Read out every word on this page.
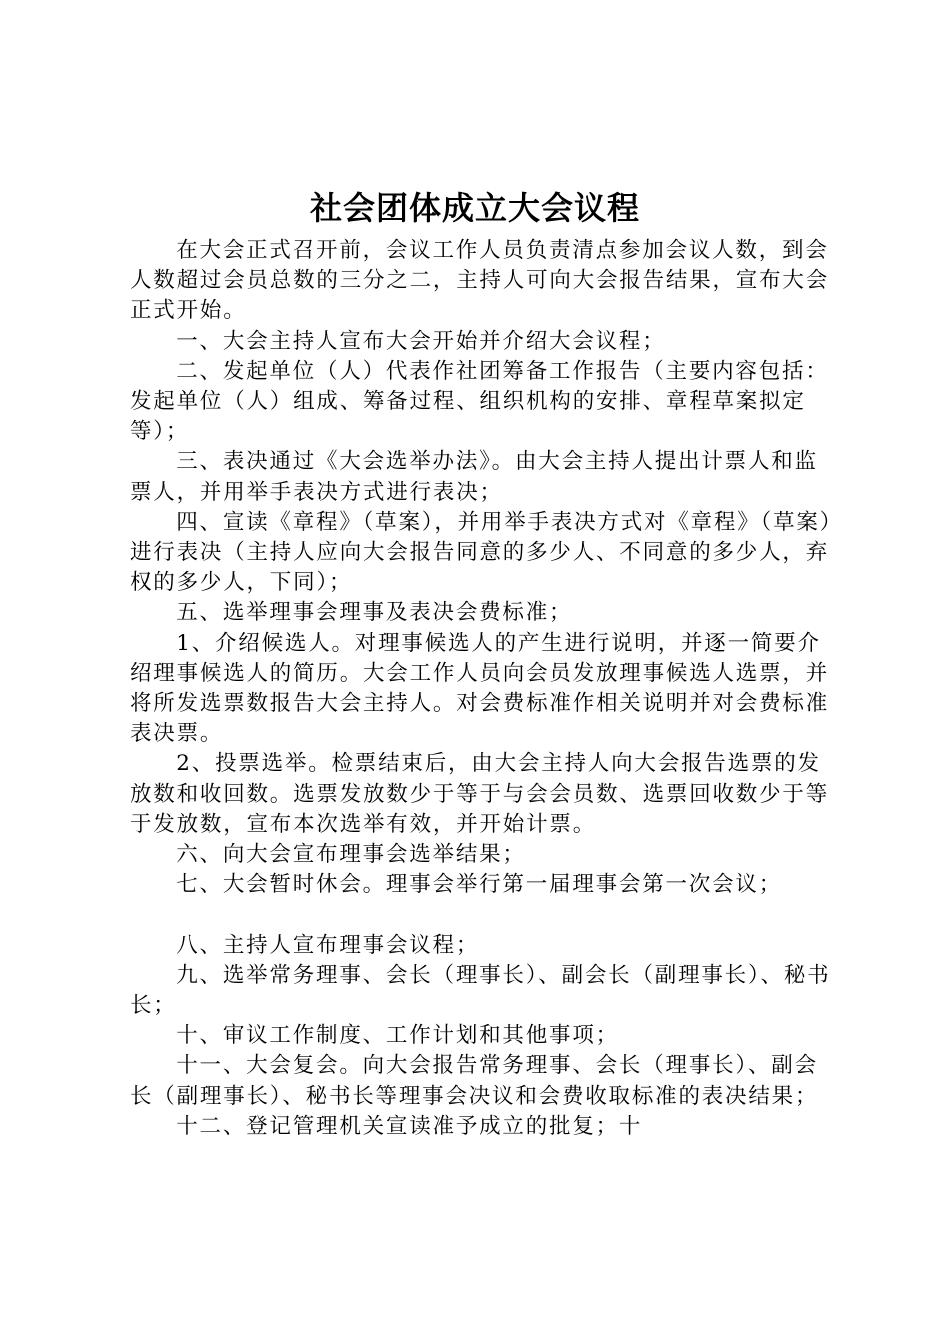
社会团体成立大会议程

在大会正式召开前，会议工作人员负责清点参加会议人数，到会人数超过会员总数的三分之二，主持人可向大会报告结果，宣布大会正式开始。

一、大会主持人宣布大会开始并介绍大会议程；

二、发起单位（人）代表作社团筹备工作报告（主要内容包括：发起单位（人）组成、筹备过程、组织机构的安排、章程草案拟定等）；

三、表决通过《大会选举办法》。由大会主持人提出计票人和监票人，并用举手表决方式进行表决；

四、宣读《章程》（草案），并用举手表决方式对《章程》（草案）进行表决（主持人应向大会报告同意的多少人、不同意的多少人，弃权的多少人，下同）；

五、选举理事会理事及表决会费标准；

1、介绍候选人。对理事候选人的产生进行说明，并逐一简要介绍理事候选人的简历。大会工作人员向会员发放理事候选人选票，并将所发选票数报告大会主持人。对会费标准作相关说明并对会费标准表决票。

2、投票选举。检票结束后，由大会主持人向大会报告选票的发放数和收回数。选票发放数少于等于与会会员数、选票回收数少于等于发放数，宣布本次选举有效，并开始计票。

六、向大会宣布理事会选举结果；

七、大会暂时休会。理事会举行第一届理事会第一次会议；

八、主持人宣布理事会议程；

九、选举常务理事、会长（理事长）、副会长（副理事长）、秘书长；

十、审议工作制度、工作计划和其他事项；

十一、大会复会。向大会报告常务理事、会长（理事长）、副会长（副理事长）、秘书长等理事会决议和会费收取标准的表决结果；

十二、登记管理机关宣读准予成立的批复；十
